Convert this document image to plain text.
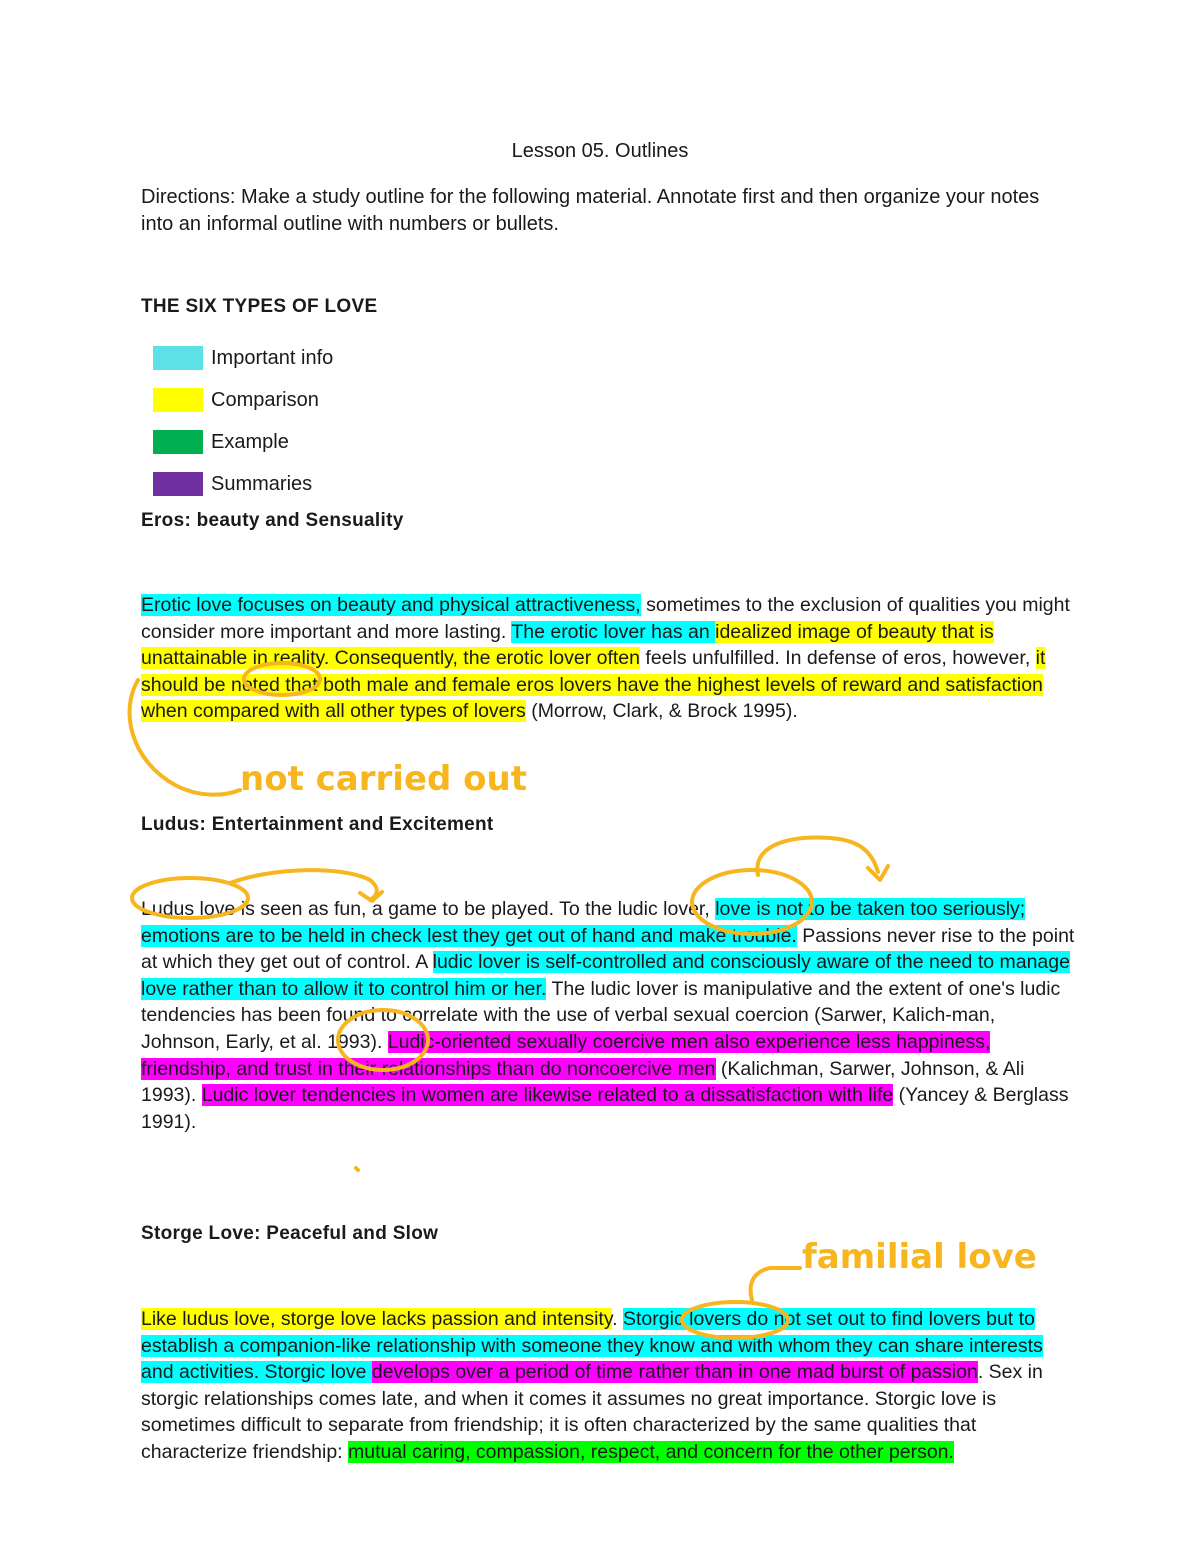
Lesson 05. Outlines
Directions: Make a study outline for the following material. Annotate first and then organize your notes into an informal outline with numbers or bullets.
THE SIX TYPES OF LOVE
Important info
Comparison
Example
Summaries
Eros: beauty and Sensuality
Erotic love focuses on beauty and physical attractiveness, sometimes to the exclusion of qualities you might consider more important and more lasting. The erotic lover has an idealized image of beauty that is unattainable in reality. Consequently, the erotic lover often feels unfulfilled. In defense of eros, however, it should be noted that both male and female eros lovers have the highest levels of reward and satisfaction when compared with all other types of lovers (Morrow, Clark, & Brock 1995).
Ludus: Entertainment and Excitement
Ludus love is seen as fun, a game to be played. To the ludic lover, love is not to be taken too seriously; emotions are to be held in check lest they get out of hand and make trouble. Passions never rise to the point at which they get out of control. A ludic lover is self-controlled and consciously aware of the need to manage love rather than to allow it to control him or her. The ludic lover is manipulative and the extent of one's ludic tendencies has been found to correlate with the use of verbal sexual coercion (Sarwer, Kalich-man, Johnson, Early, et al. 1993). Ludic-oriented sexually coercive men also experience less happiness, friendship, and trust in their relationships than do noncoercive men (Kalichman, Sarwer, Johnson, & Ali 1993). Ludic lover tendencies in women are likewise related to a dissatisfaction with life (Yancey & Berglass 1991).
Storge Love: Peaceful and Slow
Like ludus love, storge love lacks passion and intensity. Storgic lovers do not set out to find lovers but to establish a companion-like relationship with someone they know and with whom they can share interests and activities. Storgic love develops over a period of time rather than in one mad burst of passion. Sex in storgic relationships comes late, and when it comes it assumes no great importance. Storgic love is sometimes difficult to separate from friendship; it is often characterized by the same qualities that characterize friendship: mutual caring, compassion, respect, and concern for the other person.
not carried out
familial love
